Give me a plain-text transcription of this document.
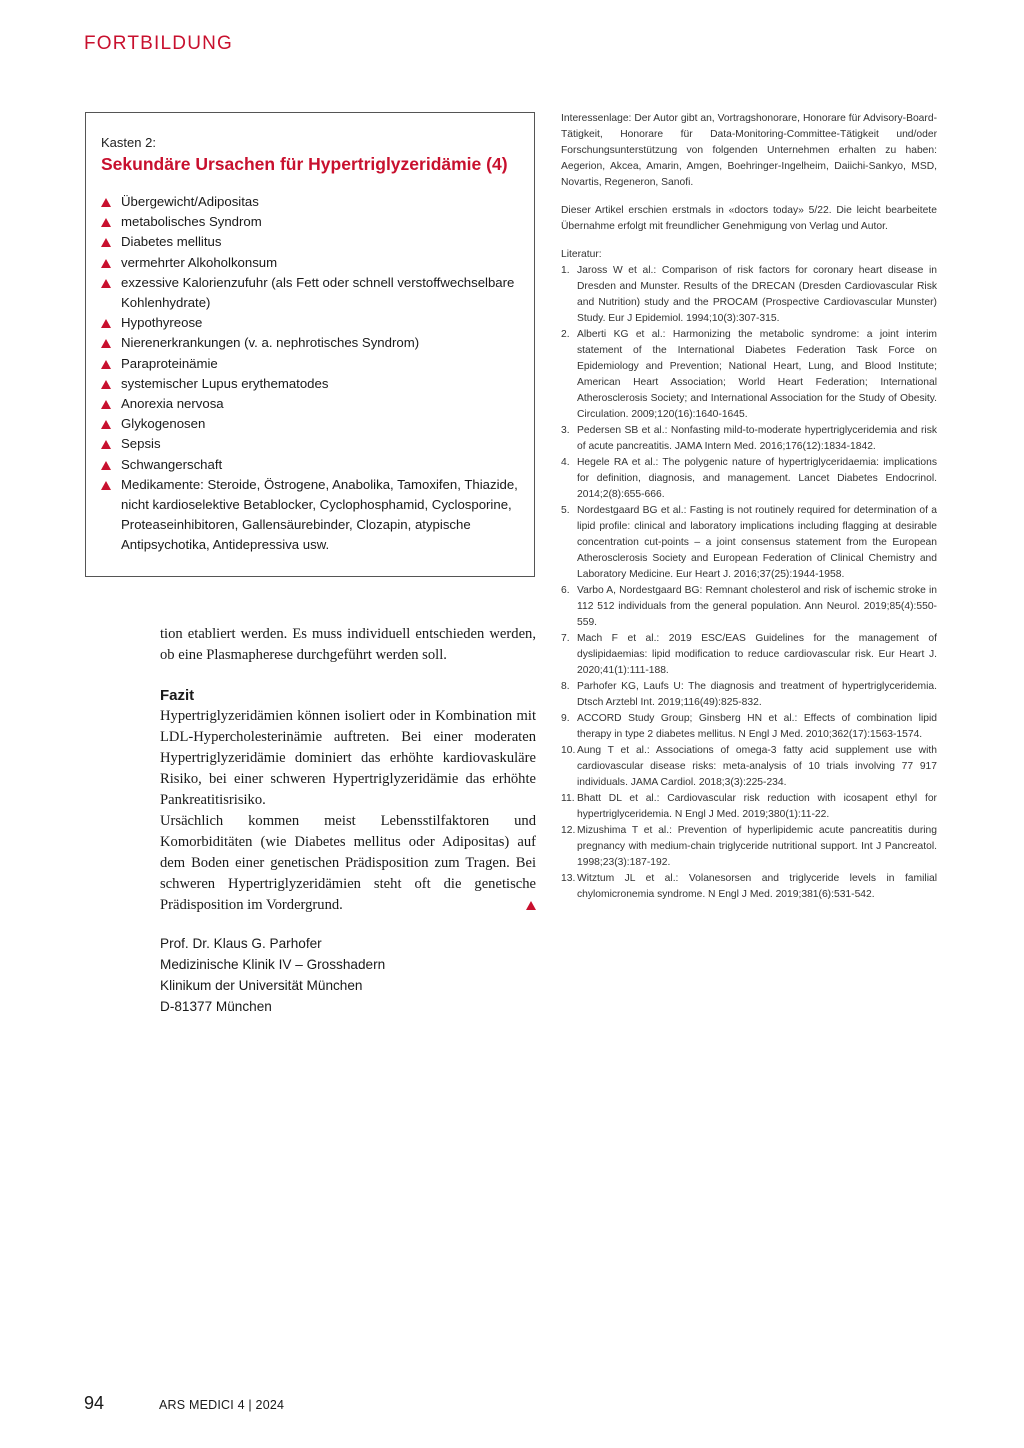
FORTBILDUNG
Kasten 2:
Sekundäre Ursachen für Hypertriglyzeridämie (4)
Übergewicht/Adipositas
metabolisches Syndrom
Diabetes mellitus
vermehrter Alkoholkonsum
exzessive Kalorienzufuhr (als Fett oder schnell verstoffwechselbare Kohlenhydrate)
Hypothyreose
Nierenerkrankungen (v. a. nephrotisches Syndrom)
Paraproteinämie
systemischer Lupus erythematodes
Anorexia nervosa
Glykogenosen
Sepsis
Schwangerschaft
Medikamente: Steroide, Östrogene, Anabolika, Tamoxifen, Thiazide, nicht kardioselektive Betablocker, Cyclophosphamid, Cyclosporine, Proteaseinhibitoren, Gallensäurebinder, Clozapin, atypische Antipsychotika, Antidepressiva usw.

tion etabliert werden. Es muss individuell entschieden werden, ob eine Plasmapherese durchgeführt werden soll.

Fazit

Hypertriglyzeridämien können isoliert oder in Kombination mit LDL-Hypercholesterinämie auftreten. Bei einer moderaten Hypertriglyzeridämie dominiert das erhöhte kardiovaskuläre Risiko, bei einer schweren Hypertriglyzeridämie das erhöhte Pankreatitisrisiko.

Ursächlich kommen meist Lebensstilfaktoren und Komorbiditäten (wie Diabetes mellitus oder Adipositas) auf dem Boden einer genetischen Prädisposition zum Tragen. Bei schweren Hypertriglyzeridämien steht oft die genetische Prädisposition im Vordergrund.

Prof. Dr. Klaus G. Parhofer
Medizinische Klinik IV – Grosshadern
Klinikum der Universität München
D-81377 München

Interessenlage: Der Autor gibt an, Vortragshonorare, Honorare für Advisory-Board-Tätigkeit, Honorare für Data-Monitoring-Committee-Tätigkeit und/oder Forschungsunterstützung von folgenden Unternehmen erhalten zu haben: Aegerion, Akcea, Amarin, Amgen, Boehringer-Ingelheim, Daiichi-Sankyo, MSD, Novartis, Regeneron, Sanofi.

Dieser Artikel erschien erstmals in «doctors today» 5/22. Die leicht bearbeitete Übernahme erfolgt mit freundlicher Genehmigung von Verlag und Autor.

Literatur:
1. Jaross W et al.: Comparison of risk factors for coronary heart disease in Dresden and Munster. Results of the DRECAN (Dresden Cardiovascular Risk and Nutrition) study and the PROCAM (Prospective Cardiovascular Munster) Study. Eur J Epidemiol. 1994;10(3):307-315.
2. Alberti KG et al.: Harmonizing the metabolic syndrome: a joint interim statement of the International Diabetes Federation Task Force on Epidemiology and Prevention; National Heart, Lung, and Blood Institute; American Heart Association; World Heart Federation; International Atherosclerosis Society; and International Association for the Study of Obesity. Circulation. 2009;120(16):1640-1645.
3. Pedersen SB et al.: Nonfasting mild-to-moderate hypertriglyceridemia and risk of acute pancreatitis. JAMA Intern Med. 2016;176(12):1834-1842.
4. Hegele RA et al.: The polygenic nature of hypertriglyceridaemia: implications for definition, diagnosis, and management. Lancet Diabetes Endocrinol. 2014;2(8):655-666.
5. Nordestgaard BG et al.: Fasting is not routinely required for determination of a lipid profile: clinical and laboratory implications including flagging at desirable concentration cut-points – a joint consensus statement from the European Atherosclerosis Society and European Federation of Clinical Chemistry and Laboratory Medicine. Eur Heart J. 2016;37(25):1944-1958.
6. Varbo A, Nordestgaard BG: Remnant cholesterol and risk of ischemic stroke in 112 512 individuals from the general population. Ann Neurol. 2019;85(4):550-559.
7. Mach F et al.: 2019 ESC/EAS Guidelines for the management of dyslipidaemias: lipid modification to reduce cardiovascular risk. Eur Heart J. 2020;41(1):111-188.
8. Parhofer KG, Laufs U: The diagnosis and treatment of hypertriglyceridemia. Dtsch Arztebl Int. 2019;116(49):825-832.
9. ACCORD Study Group; Ginsberg HN et al.: Effects of combination lipid therapy in type 2 diabetes mellitus. N Engl J Med. 2010;362(17):1563-1574.
10. Aung T et al.: Associations of omega-3 fatty acid supplement use with cardiovascular disease risks: meta-analysis of 10 trials involving 77 917 individuals. JAMA Cardiol. 2018;3(3):225-234.
11. Bhatt DL et al.: Cardiovascular risk reduction with icosapent ethyl for hypertriglyceridemia. N Engl J Med. 2019;380(1):11-22.
12. Mizushima T et al.: Prevention of hyperlipidemic acute pancreatitis during pregnancy with medium-chain triglyceride nutritional support. Int J Pancreatol. 1998;23(3):187-192.
13. Witztum JL et al.: Volanesorsen and triglyceride levels in familial chylomicronemia syndrome. N Engl J Med. 2019;381(6):531-542.
94	ARS MEDICI 4 | 2024
